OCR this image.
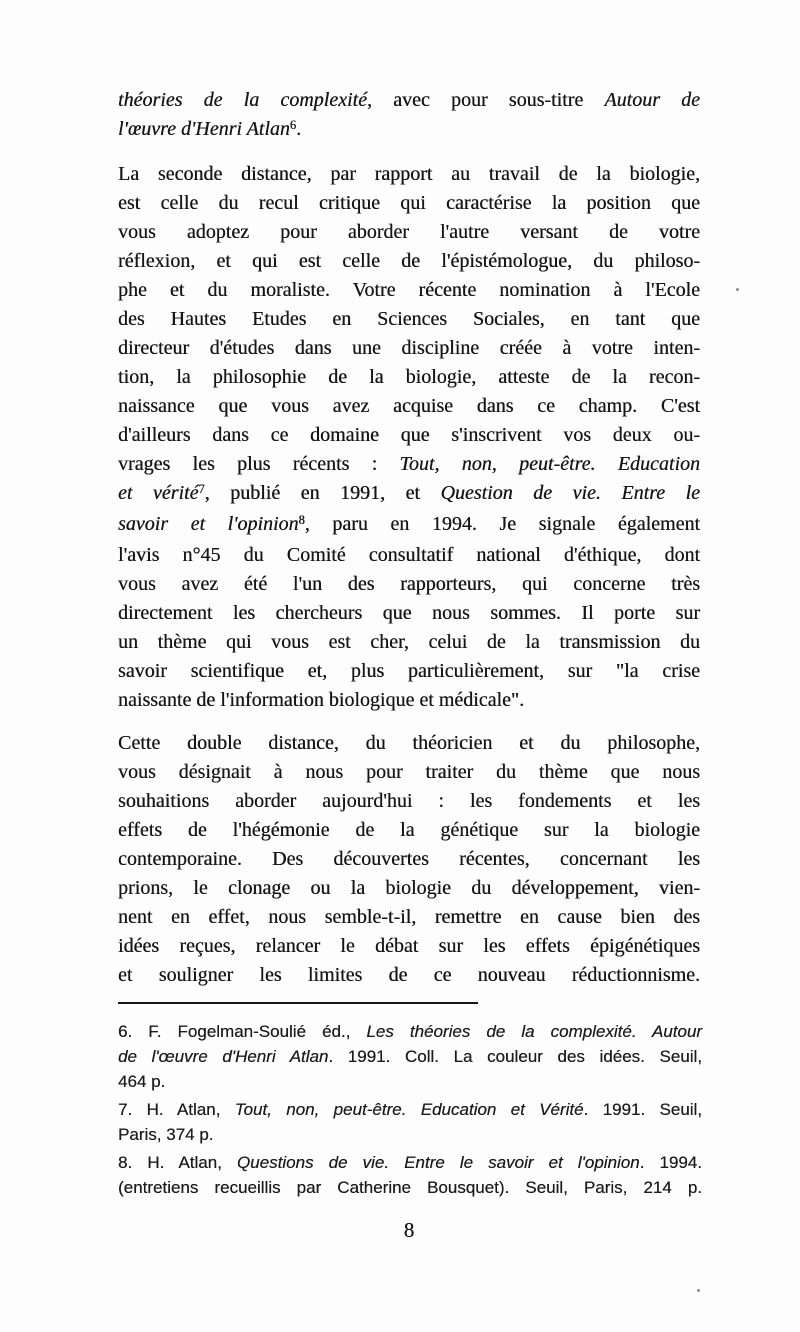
théories de la complexité, avec pour sous-titre Autour de
l'œuvre d'Henri Atlan$^6$.
La seconde distance, par rapport au travail de la biologie,
est celle du recul critique qui caractérise la position que
vous adoptez pour aborder l'autre versant de votre
réflexion, et qui est celle de l'épistémologue, du philoso-
phe et du moraliste. Votre récente nomination à l'Ecole
des Hautes Etudes en Sciences Sociales, en tant que
directeur d'études dans une discipline créée à votre inten-
tion, la philosophie de la biologie, atteste de la recon-
naissance que vous avez acquise dans ce champ. C'est
d'ailleurs dans ce domaine que s'inscrivent vos deux ou-
vrages les plus récents : Tout, non, peut-être. Education
et vérité$^7$, publié en 1991, et Question de vie. Entre le
savoir et l'opinion$^8$, paru en 1994. Je signale également
l'avis n°45 du Comité consultatif national d'éthique, dont
vous avez été l'un des rapporteurs, qui concerne très
directement les chercheurs que nous sommes. Il porte sur
un thème qui vous est cher, celui de la transmission du
savoir scientifique et, plus particulièrement, sur "la crise
naissante de l'information biologique et médicale".
Cette double distance, du théoricien et du philosophe,
vous désignait à nous pour traiter du thème que nous
souhaitions aborder aujourd'hui : les fondements et les
effets de l'hégémonie de la génétique sur la biologie
contemporaine. Des découvertes récentes, concernant les
prions, le clonage ou la biologie du développement, vien-
nent en effet, nous semble-t-il, remettre en cause bien des
idées reçues, relancer le débat sur les effets épigénétiques
et souligner les limites de ce nouveau réductionnisme.
6. F. Fogelman-Soulié éd., Les théories de la complexité. Autour
de l'œuvre d'Henri Atlan. 1991. Coll. La couleur des idées. Seuil,
464 p.
7. H. Atlan, Tout, non, peut-être. Education et Vérité. 1991. Seuil,
Paris, 374 p.
8. H. Atlan, Questions de vie. Entre le savoir et l'opinion. 1994.
(entretiens recueillis par Catherine Bousquet). Seuil, Paris, 214 p.
8
